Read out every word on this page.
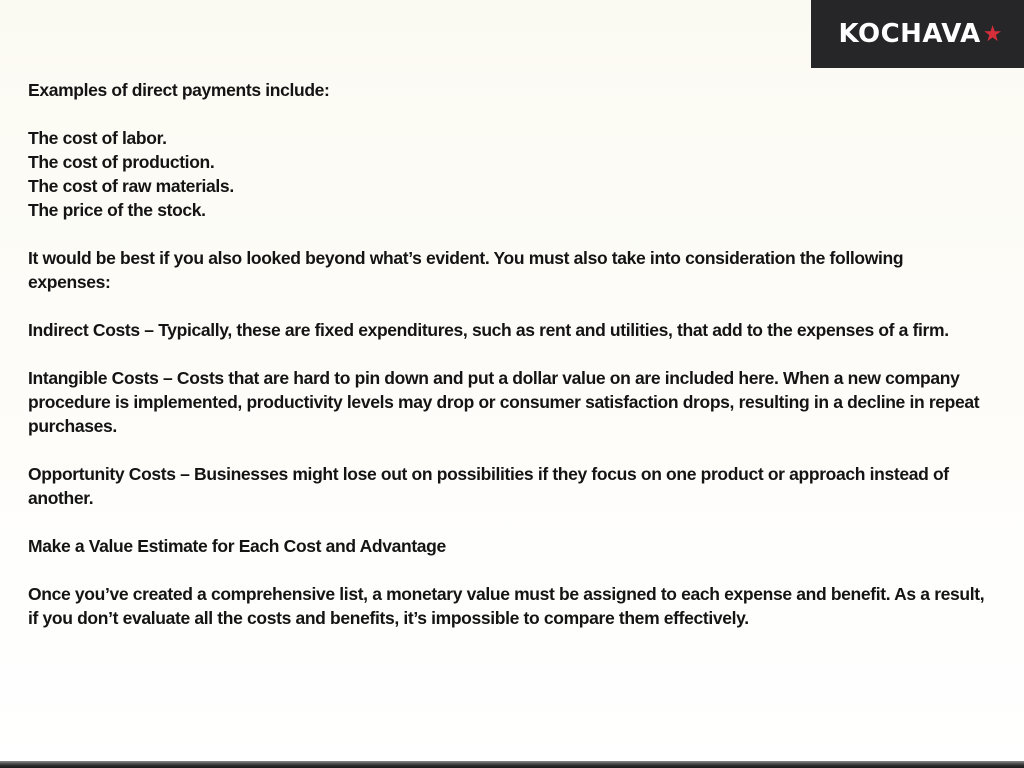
KOCHAVA ★

Examples of direct payments include:

The cost of labor.
The cost of production.
The cost of raw materials.
The price of the stock.

It would be best if you also looked beyond what’s evident. You must also take into consideration the following expenses:

Indirect Costs – Typically, these are fixed expenditures, such as rent and utilities, that add to the expenses of a firm.

Intangible Costs – Costs that are hard to pin down and put a dollar value on are included here. When a new company procedure is implemented, productivity levels may drop or consumer satisfaction drops, resulting in a decline in repeat purchases.

Opportunity Costs – Businesses might lose out on possibilities if they focus on one product or approach instead of another.

Make a Value Estimate for Each Cost and Advantage

Once you’ve created a comprehensive list, a monetary value must be assigned to each expense and benefit. As a result, if you don’t evaluate all the costs and benefits, it’s impossible to compare them effectively.
